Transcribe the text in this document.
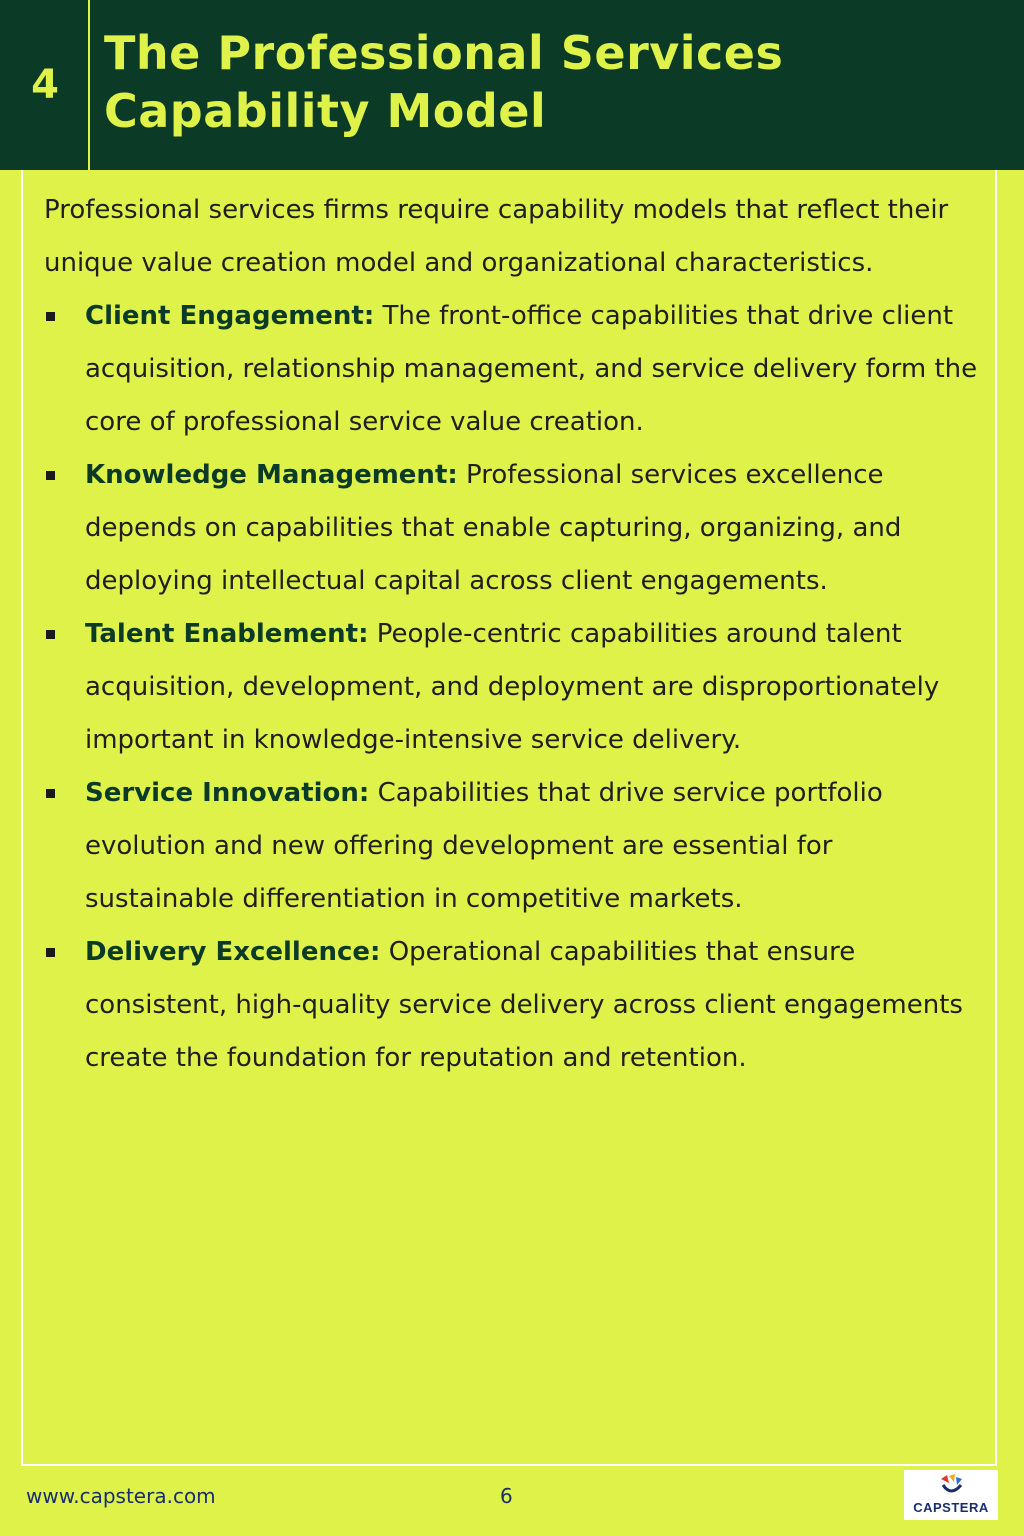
4
The Professional Services Capability Model

Professional services firms require capability models that reflect their unique value creation model and organizational characteristics.

Client Engagement: The front-office capabilities that drive client acquisition, relationship management, and service delivery form the core of professional service value creation.
Knowledge Management: Professional services excellence depends on capabilities that enable capturing, organizing, and deploying intellectual capital across client engagements.
Talent Enablement: People-centric capabilities around talent acquisition, development, and deployment are disproportionately important in knowledge-intensive service delivery.
Service Innovation: Capabilities that drive service portfolio evolution and new offering development are essential for sustainable differentiation in competitive markets.
Delivery Excellence: Operational capabilities that ensure consistent, high-quality service delivery across client engagements create the foundation for reputation and retention.
www.capstera.com	6	CAPSTERA
